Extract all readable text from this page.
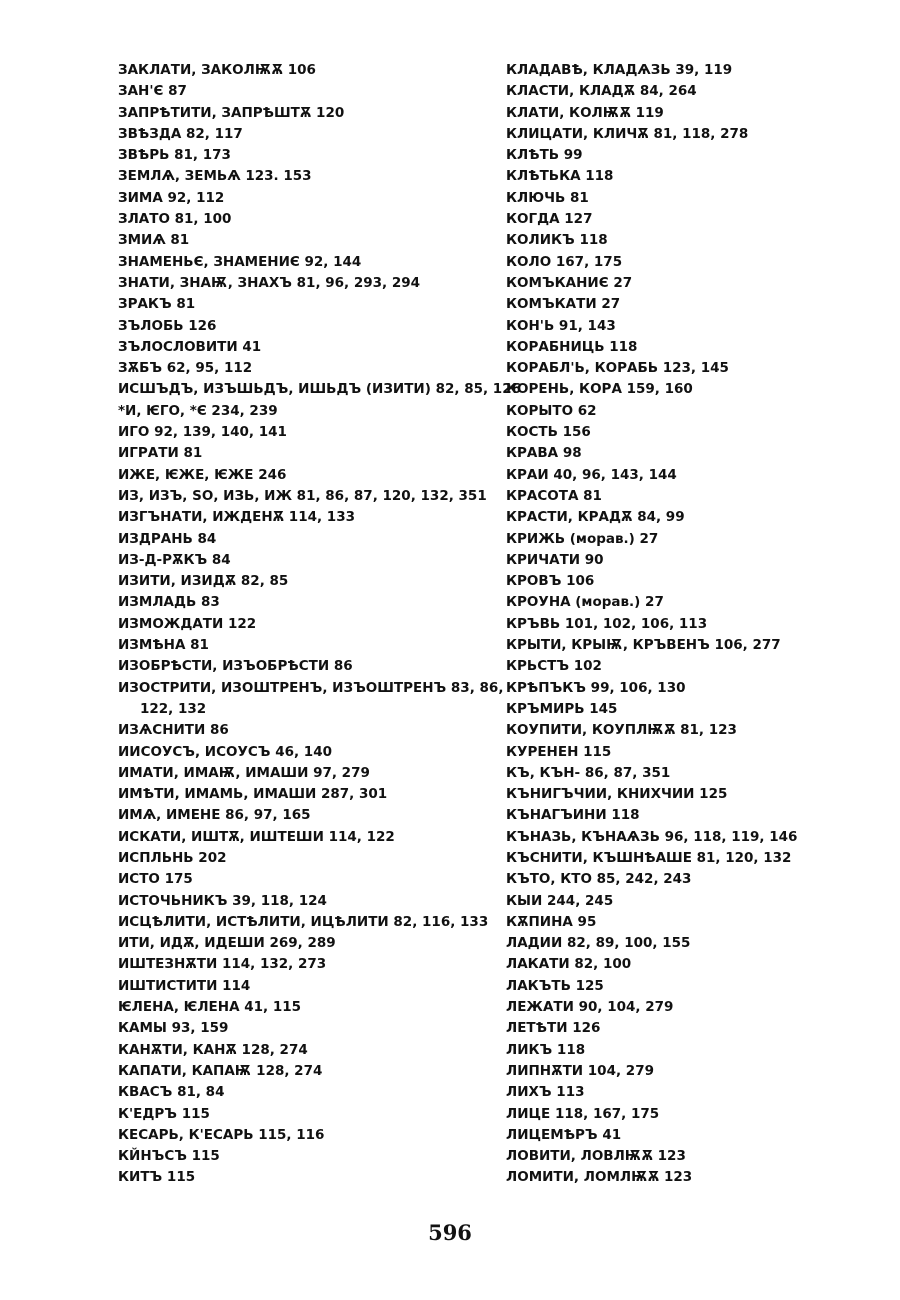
ЗАКЛАТИ, ЗАКОЛѬѪ 106
ЗАН'Є 87
ЗАПРѢТИТИ, ЗАПРѢШТѪ 120
ЗВѢЗДА 82, 117
ЗВѢРЬ 81, 173
ЗЕМЛѦ, ЗЕМЬѦ 123. 153
ЗИМА 92, 112
ЗЛАТО 81, 100
ЗМИѦ 81
ЗНАМЕНЬЄ, ЗНАМЕНИЄ 92, 144
ЗНАТИ, ЗНАѬ, ЗНАХЪ 81, 96, 293, 294
ЗРАКЪ 81
ЗЪЛОБЬ 126
ЗЪЛОСЛОВИТИ 41
ЗѪБЪ 62, 95, 112
ИСШЪДЪ, ИЗЪШЬДЪ, ИШЬДЪ (ИЗИТИ) 82, 85, 126
*И, ѤГО, *Є 234, 239
ИГО 92, 139, 140, 141
ИГРАТИ 81
ИЖЕ, ѤЖЕ, ѤЖЕ 246
ИЗ, ИЗЪ, ЅО, ИЗЬ, ИЖ 81, 86, 87, 120, 132, 351
ИЗГЪНАТИ, ИЖДЕНѪ 114, 133
ИЗДРАНЬ 84
ИЗ-Д-РѪКЪ 84
ИЗИТИ, ИЗИДѪ 82, 85
ИЗМЛАДЬ 83
ИЗМОЖДАТИ 122
ИЗМѢНА 81
ИЗОБРѢСТИ, ИЗЪОБРѢСТИ 86
ИЗОСТРИТИ, ИЗОШТРЕНЪ, ИЗЪОШТРЕНЪ 83, 86,
122, 132
ИЗѦСНИТИ 86
ИИСОУСЪ, ИСОУСЪ 46, 140
ИМАТИ, ИМАѬ, ИМАШИ 97, 279
ИМѢТИ, ИМАМЬ, ИМАШИ 287, 301
ИМѦ, ИМЕНЕ 86, 97, 165
ИСКАТИ, ИШТѪ, ИШТЕШИ 114, 122
ИСПЛЬНЬ 202
ИСТО 175
ИСТОЧЬНИКЪ 39, 118, 124
ИСЦѢЛИТИ, ИСТѢЛИТИ, ИЦѢЛИТИ 82, 116, 133
ИТИ, ИДѪ, ИДЕШИ 269, 289
ИШТЕЗНѪТИ 114, 132, 273
ИШТИСТИТИ 114
ѤЛЕНА, ѤЛЕНА 41, 115
КАМЫ 93, 159
КАНѪТИ, КАНѪ 128, 274
КАПАТИ, КАПАѬ 128, 274
КВАСЪ 81, 84
К'ЕДРЪ 115
КЕСАРЬ, К'ЕСАРЬ 115, 116
КЙНЪСЪ 115
КИТЪ 115
КЛАДАВѢ, КЛАДѦЗЬ 39, 119
КЛАСТИ, КЛАДѪ 84, 264
КЛАТИ, КОЛѬѪ 119
КЛИЦАТИ, КЛИЧѪ 81, 118, 278
КЛѢТЬ 99
КЛѢТЬКА 118
КЛЮЧЬ 81
КОГДА 127
КОЛИКЪ 118
КОЛО 167, 175
КОМЪКАНИЄ 27
КОМЪКАТИ 27
КОН'Ь 91, 143
КОРАБНИЦЬ 118
КОРАБЛ'Ь, КОРАБЬ 123, 145
КОРЕНЬ, КОРА 159, 160
КОРЫТО 62
КОСТЬ 156
КРАВА 98
КРАИ 40, 96, 143, 144
КРАСОТА 81
КРАСТИ, КРАДѪ 84, 99
КРИЖЬ (морав.) 27
КРИЧАТИ 90
КРОВЪ 106
КРОУНА (морав.) 27
КРЪВЬ 101, 102, 106, 113
КРЫТИ, КРЫѬ, КРЪВЕНЪ 106, 277
КРЬСТЪ 102
КРѢПЪКЪ 99, 106, 130
КРЪМИРЬ 145
КОУПИТИ, КОУПЛѬѪ 81, 123
КУРЕНЕН 115
КЪ, КЪН- 86, 87, 351
КЪНИГЪЧИИ, КНИХЧИИ 125
КЪНАГЪИНИ 118
КЪНАЗЬ, КЪНАѦЗЬ 96, 118, 119, 146
КЪСНИТИ, КЪШНѢАШЕ 81, 120, 132
КЪТО, КТО 85, 242, 243
КЫИ 244, 245
КѪПИНА 95
ЛАДИИ 82, 89, 100, 155
ЛАКАТИ 82, 100
ЛАКЪТЬ 125
ЛЕЖАТИ 90, 104, 279
ЛЕТѢТИ 126
ЛИКЪ 118
ЛИПНѪТИ 104, 279
ЛИХЪ 113
ЛИЦЕ 118, 167, 175
ЛИЦЕМѢРЪ 41
ЛОВИТИ, ЛОВЛѬѪ 123
ЛОМИТИ, ЛОМЛѬѪ 123
596
